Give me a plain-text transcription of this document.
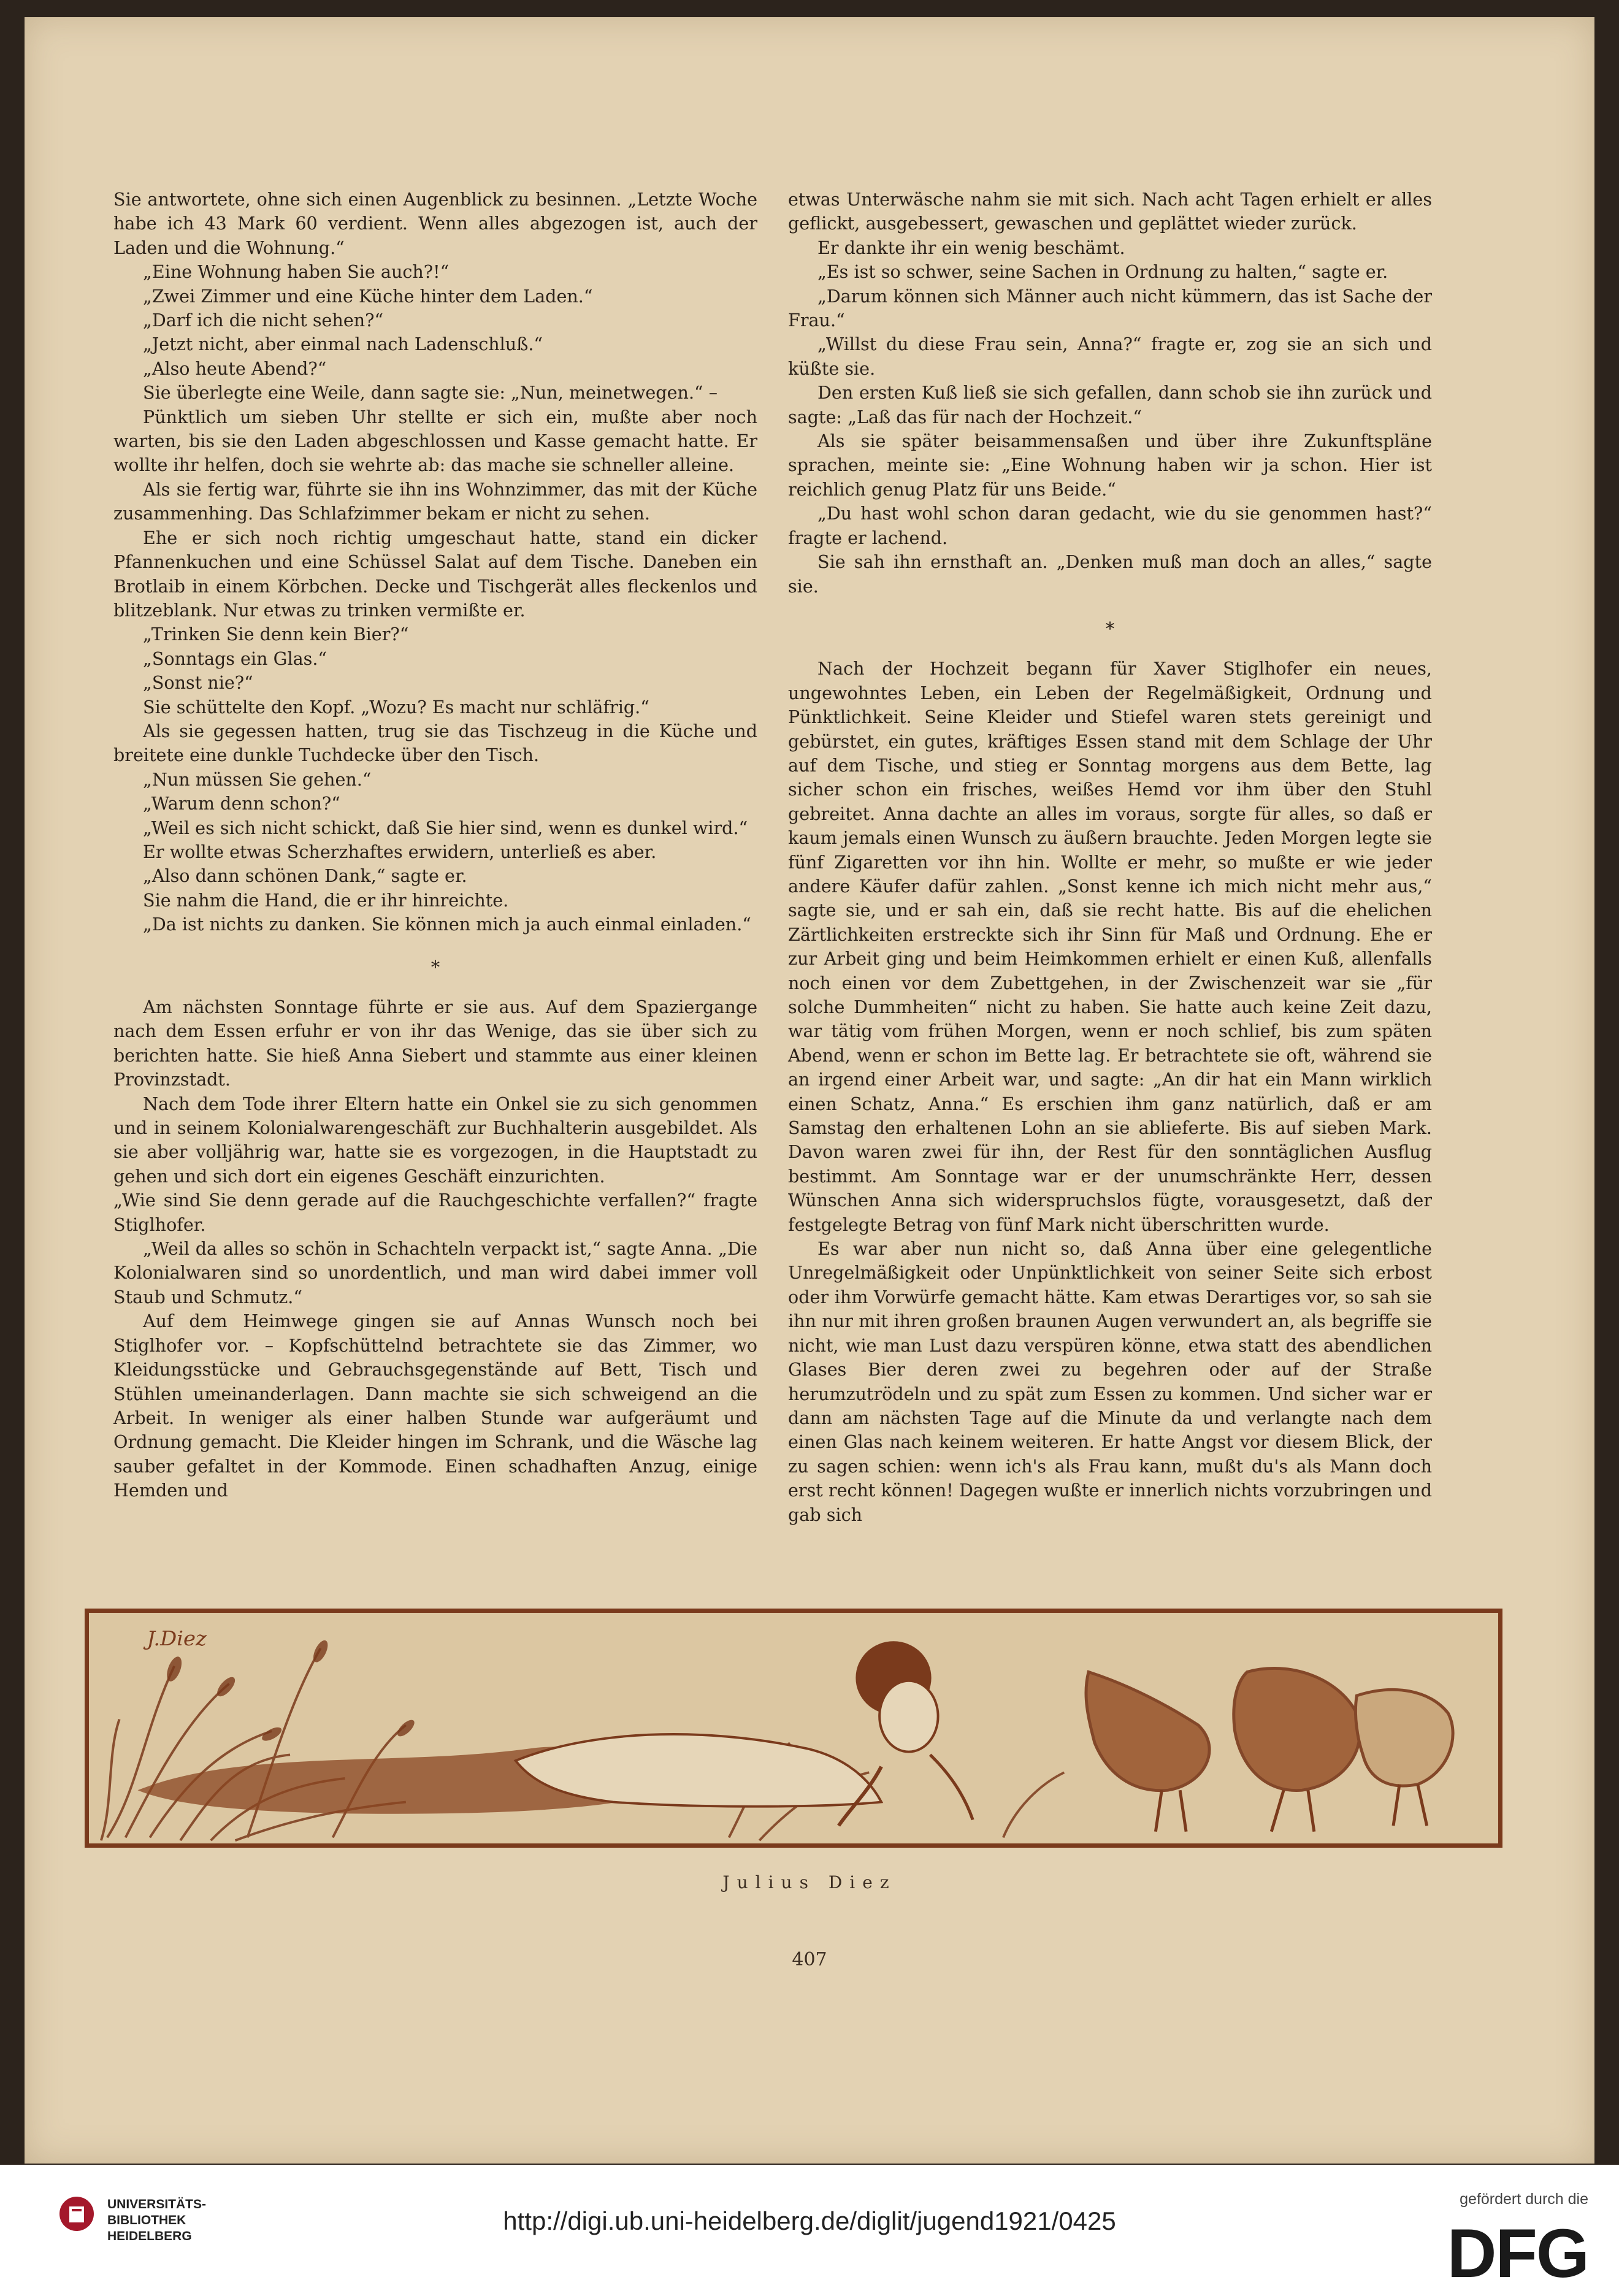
Sie antwortete, ohne sich einen Augenblick zu besinnen. „Letzte Woche habe ich 43 Mark 60 verdient. Wenn alles abgezogen ist, auch der Laden und die Wohnung.“

„Eine Wohnung haben Sie auch?!“

„Zwei Zimmer und eine Küche hinter dem Laden.“

„Darf ich die nicht sehen?“

„Jetzt nicht, aber einmal nach Ladenschluß.“

„Also heute Abend?“

Sie überlegte eine Weile, dann sagte sie: „Nun, meinetwegen.“ –

Pünktlich um sieben Uhr stellte er sich ein, mußte aber noch warten, bis sie den Laden abgeschlossen und Kasse gemacht hatte. Er wollte ihr helfen, doch sie wehrte ab: das mache sie schneller alleine.

Als sie fertig war, führte sie ihn ins Wohnzimmer, das mit der Küche zusammenhing. Das Schlafzimmer bekam er nicht zu sehen.

Ehe er sich noch richtig umgeschaut hatte, stand ein dicker Pfannenkuchen und eine Schüssel Salat auf dem Tische. Daneben ein Brotlaib in einem Körbchen. Decke und Tischgerät alles fleckenlos und blitzeblank. Nur etwas zu trinken vermißte er.

„Trinken Sie denn kein Bier?“

„Sonntags ein Glas.“

„Sonst nie?“

Sie schüttelte den Kopf. „Wozu? Es macht nur schläfrig.“

Als sie gegessen hatten, trug sie das Tischzeug in die Küche und breitete eine dunkle Tuchdecke über den Tisch.

„Nun müssen Sie gehen.“

„Warum denn schon?“

„Weil es sich nicht schickt, daß Sie hier sind, wenn es dunkel wird.“

Er wollte etwas Scherzhaftes erwidern, unterließ es aber.

„Also dann schönen Dank,“ sagte er.

Sie nahm die Hand, die er ihr hinreichte.

„Da ist nichts zu danken. Sie können mich ja auch einmal einladen.“

*

Am nächsten Sonntage führte er sie aus. Auf dem Spaziergange nach dem Essen erfuhr er von ihr das Wenige, das sie über sich zu berichten hatte. Sie hieß Anna Siebert und stammte aus einer kleinen Provinzstadt.

Nach dem Tode ihrer Eltern hatte ein Onkel sie zu sich genommen und in seinem Kolonialwarengeschäft zur Buchhalterin ausgebildet. Als sie aber volljährig war, hatte sie es vorgezogen, in die Hauptstadt zu gehen und sich dort ein eigenes Geschäft einzurichten.

„Wie sind Sie denn gerade auf die Rauchgeschichte verfallen?“ fragte Stiglhofer.

„Weil da alles so schön in Schachteln verpackt ist,“ sagte Anna. „Die Kolonialwaren sind so unordentlich, und man wird dabei immer voll Staub und Schmutz.“

Auf dem Heimwege gingen sie auf Annas Wunsch noch bei Stiglhofer vor. – Kopfschüttelnd betrachtete sie das Zimmer, wo Kleidungsstücke und Gebrauchsgegenstände auf Bett, Tisch und Stühlen umeinanderlagen. Dann machte sie sich schweigend an die Arbeit. In weniger als einer halben Stunde war aufgeräumt und Ordnung gemacht. Die Kleider hingen im Schrank, und die Wäsche lag sauber gefaltet in der Kommode. Einen schadhaften Anzug, einige Hemden und

etwas Unterwäsche nahm sie mit sich. Nach acht Tagen erhielt er alles geflickt, ausgebessert, gewaschen und geplättet wieder zurück.

Er dankte ihr ein wenig beschämt.

„Es ist so schwer, seine Sachen in Ordnung zu halten,“ sagte er.

„Darum können sich Männer auch nicht kümmern, das ist Sache der Frau.“

„Willst du diese Frau sein, Anna?“ fragte er, zog sie an sich und küßte sie.

Den ersten Kuß ließ sie sich gefallen, dann schob sie ihn zurück und sagte: „Laß das für nach der Hochzeit.“

Als sie später beisammensaßen und über ihre Zukunftspläne sprachen, meinte sie: „Eine Wohnung haben wir ja schon. Hier ist reichlich genug Platz für uns Beide.“

„Du hast wohl schon daran gedacht, wie du sie genommen hast?“ fragte er lachend.

Sie sah ihn ernsthaft an. „Denken muß man doch an alles,“ sagte sie.

*

Nach der Hochzeit begann für Xaver Stiglhofer ein neues, ungewohntes Leben, ein Leben der Regelmäßigkeit, Ordnung und Pünktlichkeit. Seine Kleider und Stiefel waren stets gereinigt und gebürstet, ein gutes, kräftiges Essen stand mit dem Schlage der Uhr auf dem Tische, und stieg er Sonntag morgens aus dem Bette, lag sicher schon ein frisches, weißes Hemd vor ihm über den Stuhl gebreitet. Anna dachte an alles im voraus, sorgte für alles, so daß er kaum jemals einen Wunsch zu äußern brauchte. Jeden Morgen legte sie fünf Zigaretten vor ihn hin. Wollte er mehr, so mußte er wie jeder andere Käufer dafür zahlen. „Sonst kenne ich mich nicht mehr aus,“ sagte sie, und er sah ein, daß sie recht hatte. Bis auf die ehelichen Zärtlichkeiten erstreckte sich ihr Sinn für Maß und Ordnung. Ehe er zur Arbeit ging und beim Heimkommen erhielt er einen Kuß, allenfalls noch einen vor dem Zubettgehen, in der Zwischenzeit war sie „für solche Dummheiten“ nicht zu haben. Sie hatte auch keine Zeit dazu, war tätig vom frühen Morgen, wenn er noch schlief, bis zum späten Abend, wenn er schon im Bette lag. Er betrachtete sie oft, während sie an irgend einer Arbeit war, und sagte: „An dir hat ein Mann wirklich einen Schatz, Anna.“ Es erschien ihm ganz natürlich, daß er am Samstag den erhaltenen Lohn an sie ablieferte. Bis auf sieben Mark. Davon waren zwei für ihn, der Rest für den sonntäglichen Ausflug bestimmt. Am Sonntage war er der unumschränkte Herr, dessen Wünschen Anna sich widerspruchslos fügte, vorausgesetzt, daß der festgelegte Betrag von fünf Mark nicht überschritten wurde.

Es war aber nun nicht so, daß Anna über eine gelegentliche Unregelmäßigkeit oder Unpünktlichkeit von seiner Seite sich erbost oder ihm Vorwürfe gemacht hätte. Kam etwas Derartiges vor, so sah sie ihn nur mit ihren großen braunen Augen verwundert an, als begriffe sie nicht, wie man Lust dazu verspüren könne, etwa statt des abendlichen Glases Bier deren zwei zu begehren oder auf der Straße herumzutrödeln und zu spät zum Essen zu kommen. Und sicher war er dann am nächsten Tage auf die Minute da und verlangte nach dem einen Glas nach keinem weiteren. Er hatte Angst vor diesem Blick, der zu sagen schien: wenn ich's als Frau kann, mußt du's als Mann doch erst recht können! Dagegen wußte er innerlich nichts vorzubringen und gab sich

J.Diez
Julius Diez
407
UNIVERSITÄTS-
BIBLIOTHEK
HEIDELBERG
http://digi.ub.uni-heidelberg.de/diglit/jugend1921/0425
gefördert durch die
DFG
